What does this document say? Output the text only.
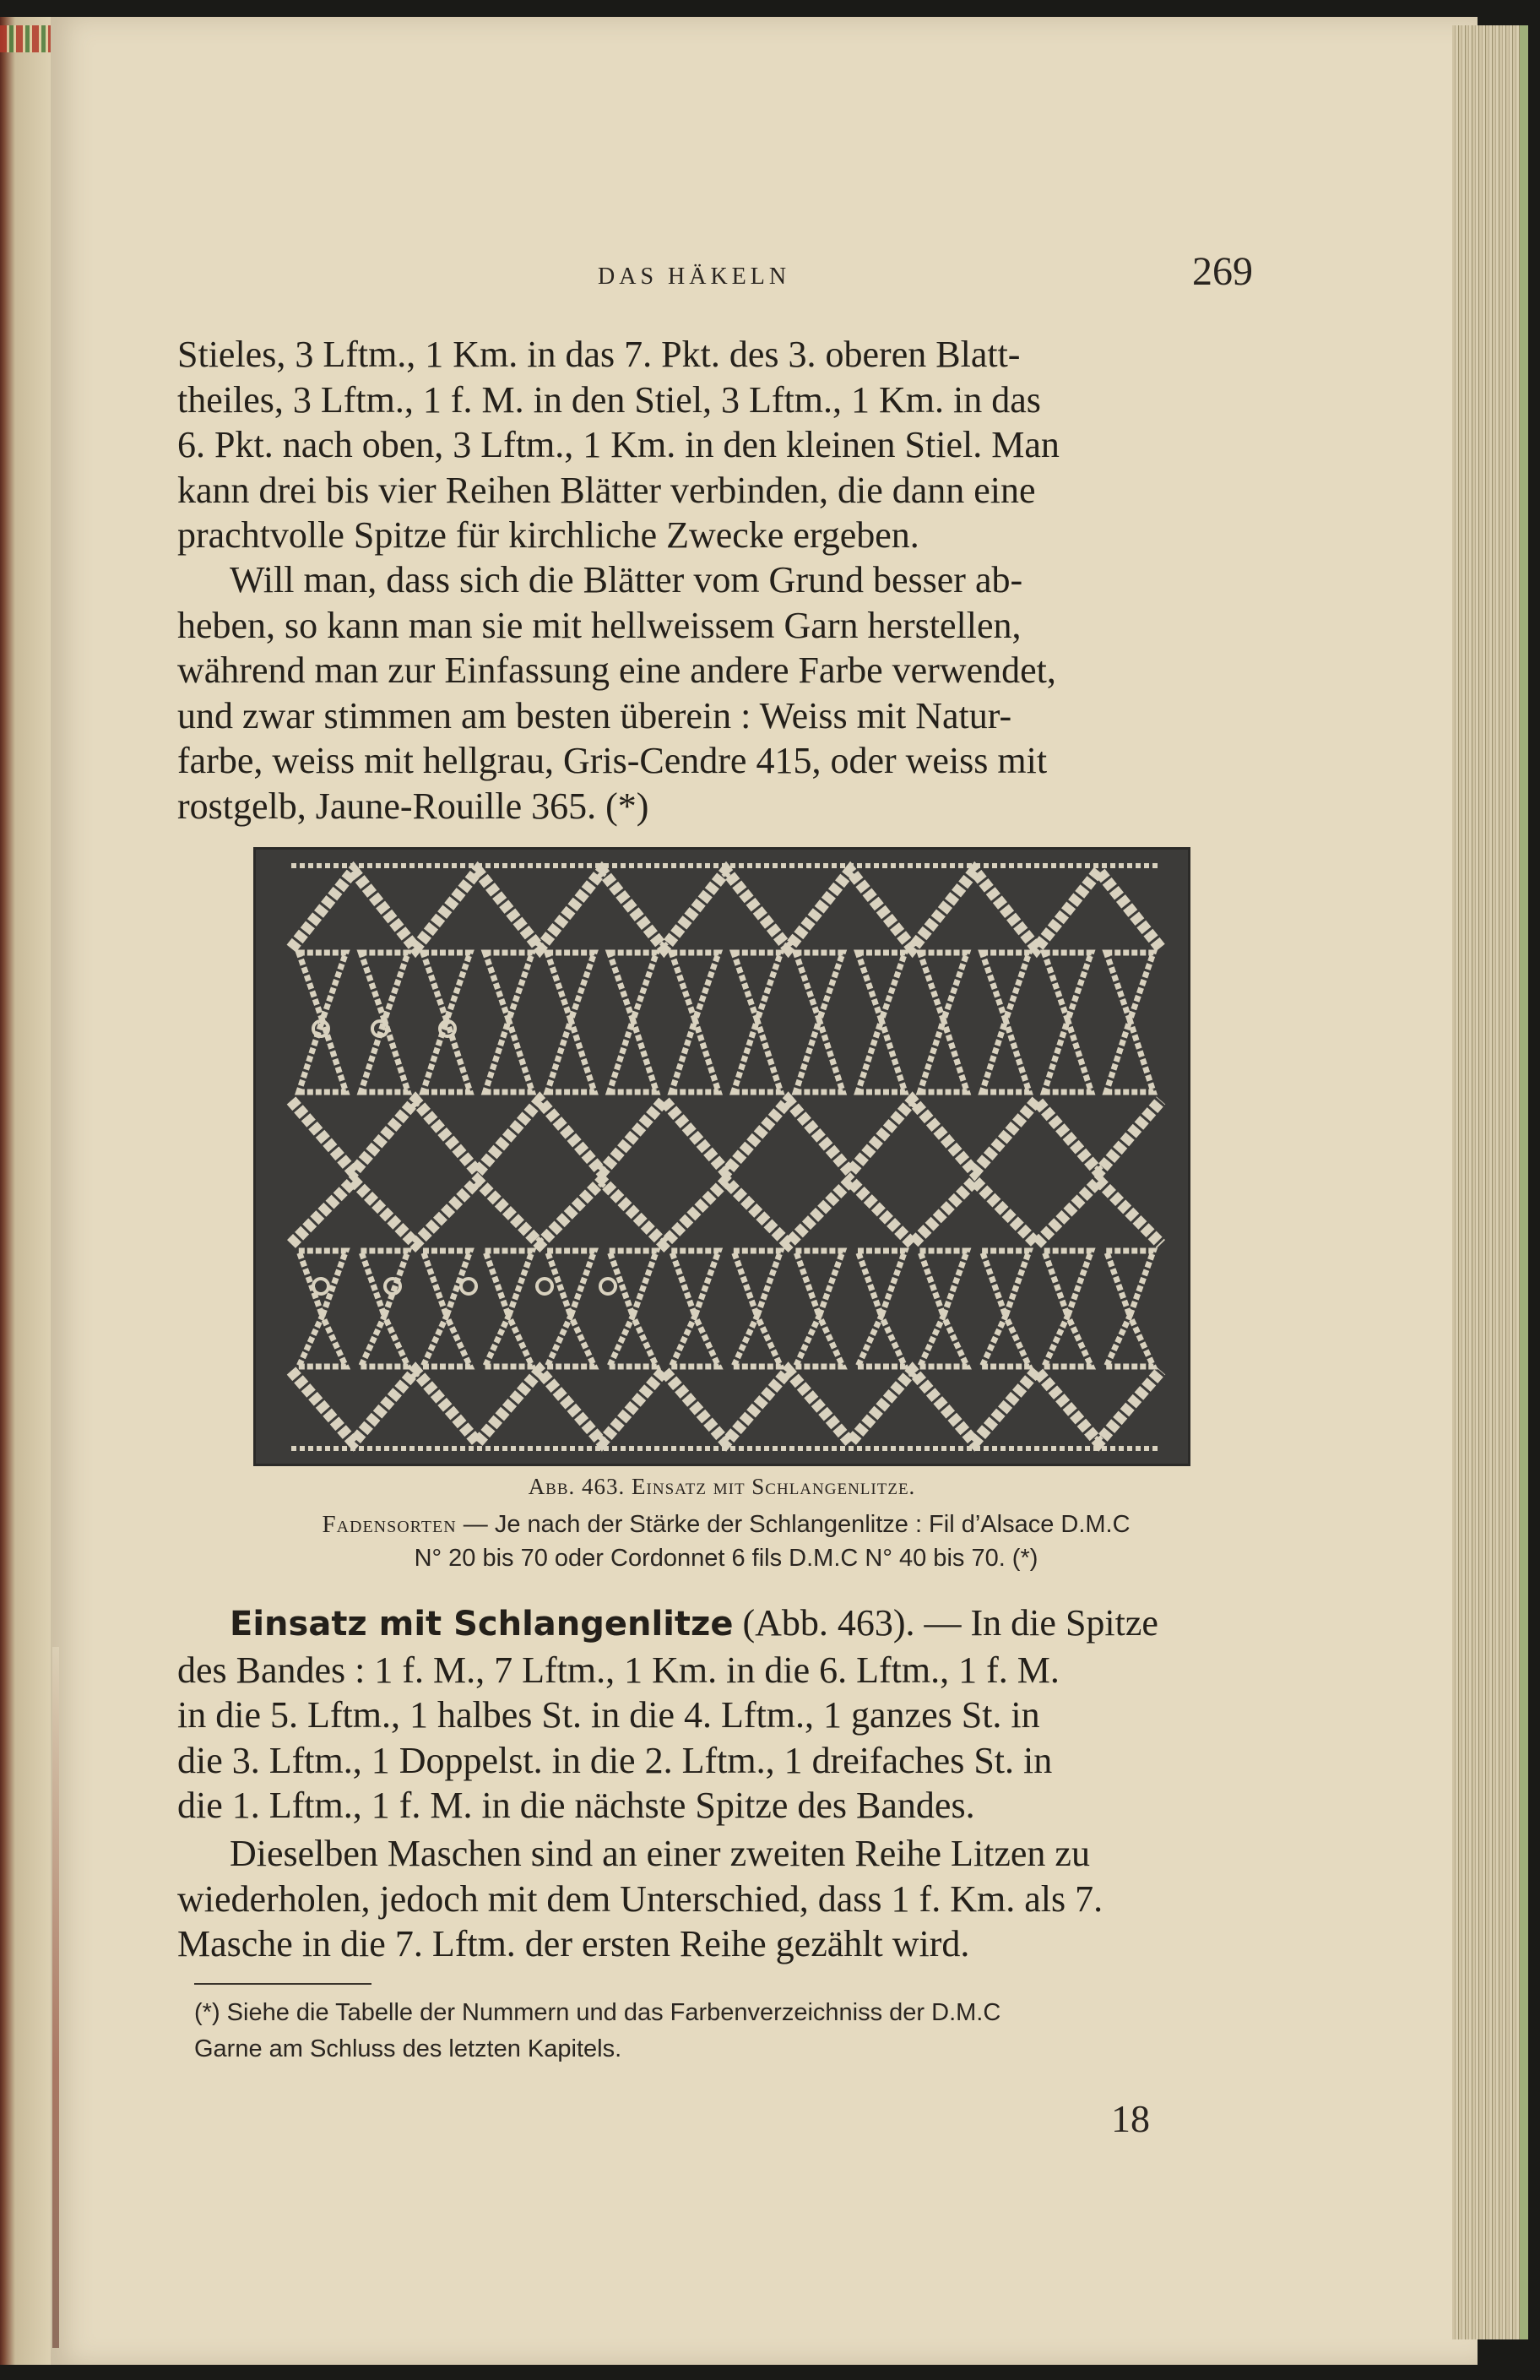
DAS HÄKELN	269
Stieles, 3 Lftm., 1 Km. in das 7. Pkt. des 3. oberen Blatt-
theiles, 3 Lftm., 1 f. M. in den Stiel, 3 Lftm., 1 Km. in das
6. Pkt. nach oben, 3 Lftm., 1 Km. in den kleinen Stiel. Man
kann drei bis vier Reihen Blätter verbinden, die dann eine
prachtvolle Spitze für kirchliche Zwecke ergeben.
Will man, dass sich die Blätter vom Grund besser ab-
heben, so kann man sie mit hellweissem Garn herstellen,
während man zur Einfassung eine andere Farbe verwendet,
und zwar stimmen am besten überein : Weiss mit Natur-
farbe, weiss mit hellgrau, Gris-Cendre 415, oder weiss mit
rostgelb, Jaune-Rouille 365. (*)
Abb. 463. Einsatz mit Schlangenlitze.
Fadensorten — Je nach der Stärke der Schlangenlitze : Fil d’Alsace D.M.C
N° 20 bis 70 oder Cordonnet 6 fils D.M.C N° 40 bis 70. (*)
Einsatz mit Schlangenlitze (Abb. 463). — In die Spitze
des Bandes : 1 f. M., 7 Lftm., 1 Km. in die 6. Lftm., 1 f. M.
in die 5. Lftm., 1 halbes St. in die 4. Lftm., 1 ganzes St. in
die 3. Lftm., 1 Doppelst. in die 2. Lftm., 1 dreifaches St. in
die 1. Lftm., 1 f. M. in die nächste Spitze des Bandes.
Dieselben Maschen sind an einer zweiten Reihe Litzen zu
wiederholen, jedoch mit dem Unterschied, dass 1 f. Km. als 7.
Masche in die 7. Lftm. der ersten Reihe gezählt wird.
(*) Siehe die Tabelle der Nummern und das Farbenverzeichniss der D.M.C
Garne am Schluss des letzten Kapitels.
18
